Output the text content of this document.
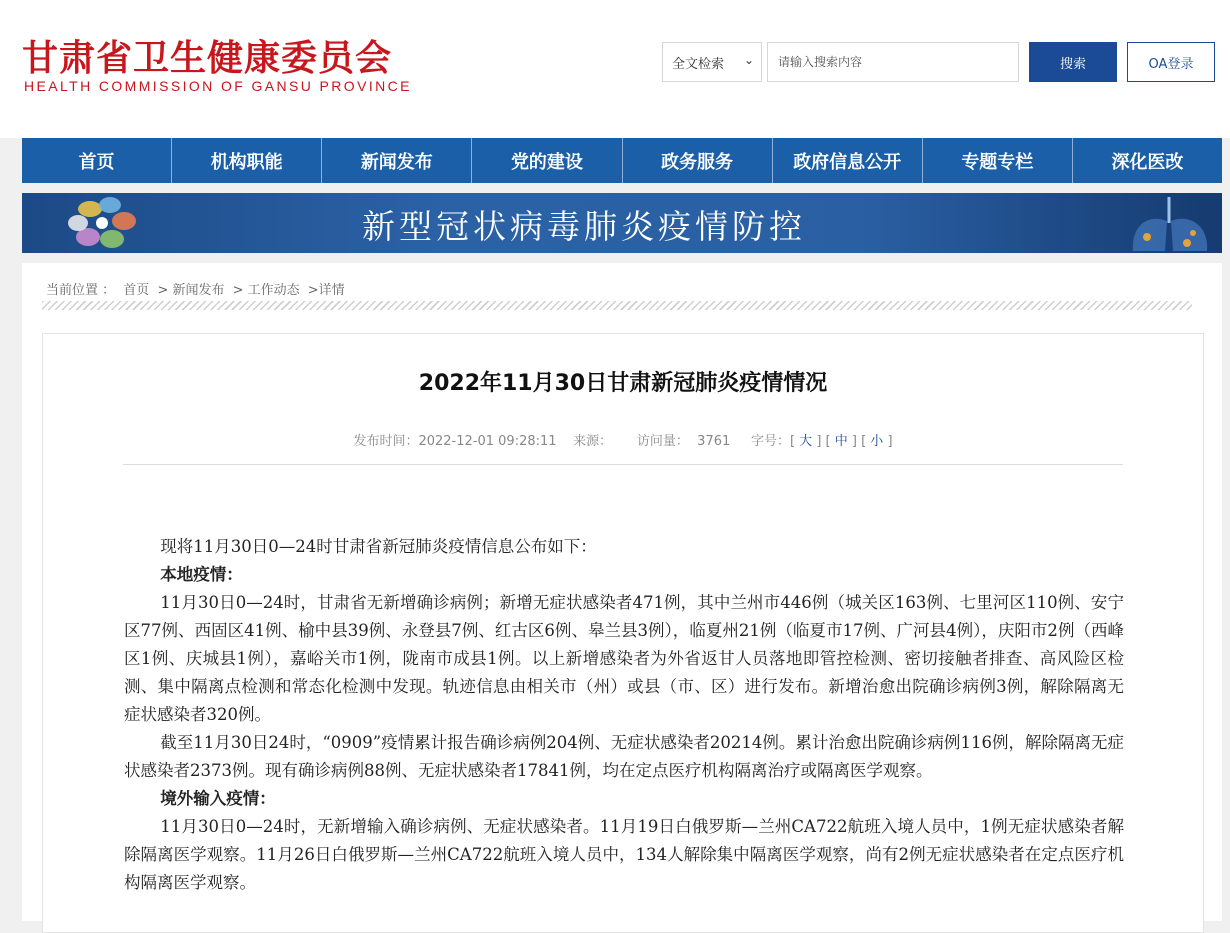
甘肃省卫生健康委员会
HEALTH COMMISSION OF GANSU PROVINCE
全文检索 ⌄
请输入搜索内容	搜索	OA登录
首页	机构职能	新闻发布	党的建设	政务服务	政府信息公开	专题专栏	深化医改
新型冠状病毒肺炎疫情防控
当前位置 ： 首页 > 新闻发布 > 工作动态 >详情
2022年11月30日甘肃新冠肺炎疫情情况
发布时间：2022-12-01 09:28:11 来源： 访问量： 3761 字号：[ 大 ] [ 中 ] [ 小 ]

现将11月30日0—24时甘肃省新冠肺炎疫情信息公布如下：

本地疫情：

11月30日0—24时，甘肃省无新增确诊病例；新增无症状感染者471例，其中兰州市446例（城关区163例、七里河区110例、安宁区77例、西固区41例、榆中县39例、永登县7例、红古区6例、皋兰县3例），临夏州21例（临夏市17例、广河县4例），庆阳市2例（西峰区1例、庆城县1例），嘉峪关市1例，陇南市成县1例。以上新增感染者为外省返甘人员落地即管控检测、密切接触者排查、高风险区检测、集中隔离点检测和常态化检测中发现。轨迹信息由相关市（州）或县（市、区）进行发布。新增治愈出院确诊病例3例，解除隔离无症状感染者320例。

截至11月30日24时，“0909”疫情累计报告确诊病例204例、无症状感染者20214例。累计治愈出院确诊病例116例，解除隔离无症状感染者2373例。现有确诊病例88例、无症状感染者17841例，均在定点医疗机构隔离治疗或隔离医学观察。

境外输入疫情：

11月30日0—24时，无新增输入确诊病例、无症状感染者。11月19日白俄罗斯—兰州CA722航班入境人员中，1例无症状感染者解除隔离医学观察。11月26日白俄罗斯—兰州CA722航班入境人员中，134人解除集中隔离医学观察，尚有2例无症状感染者在定点医疗机构隔离医学观察。
